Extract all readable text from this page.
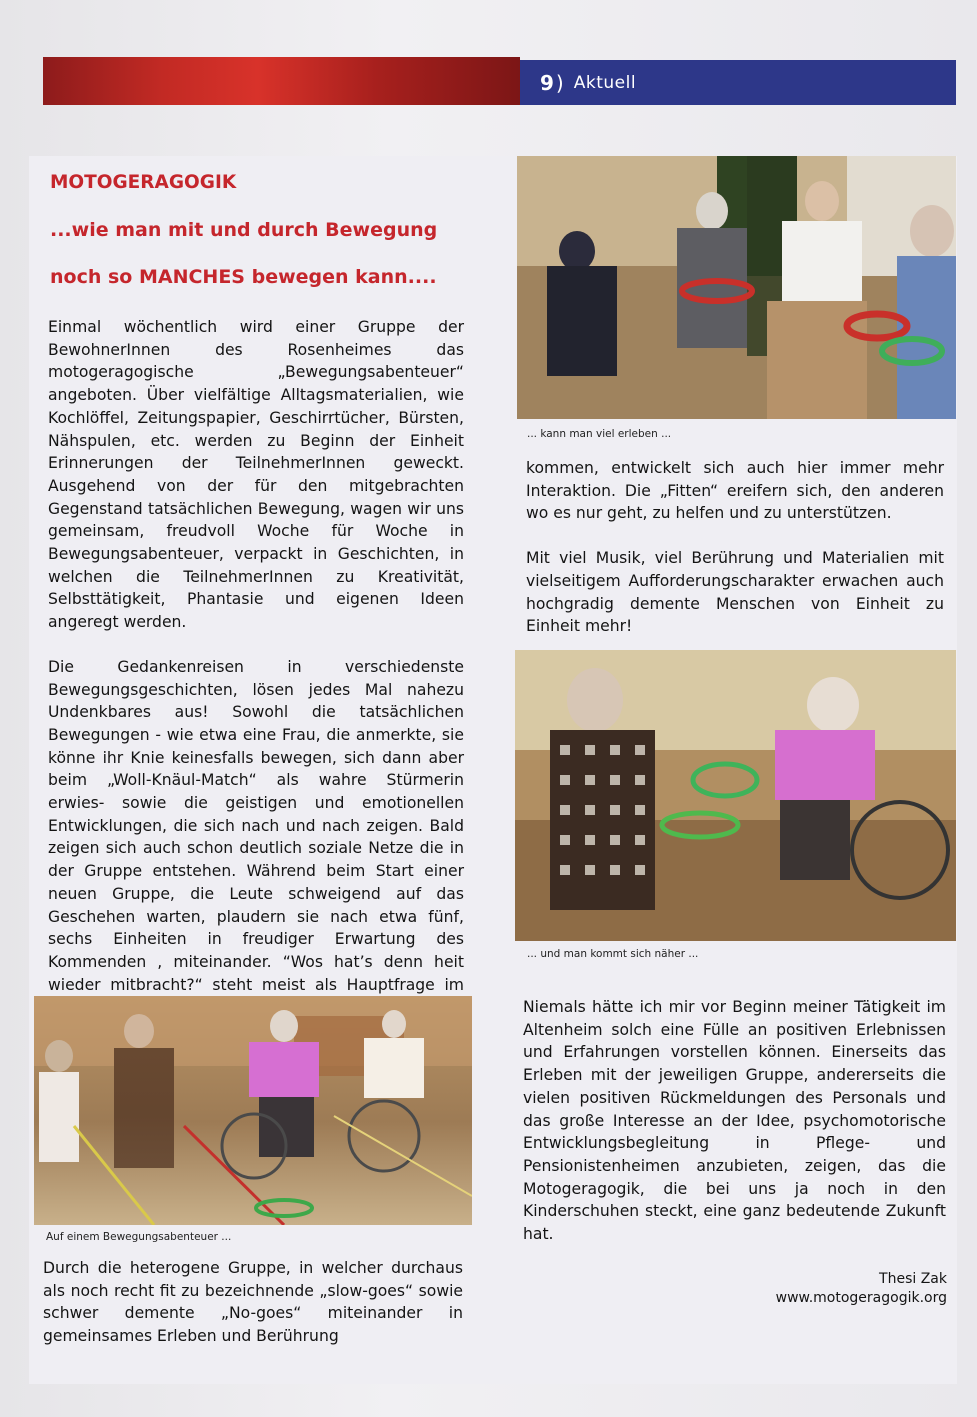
9 ) Aktuell
MOTOGERAGOGIK
...wie man mit und durch Bewegung
noch so MANCHES bewegen kann....

Einmal wöchentlich wird einer Gruppe der BewohnerInnen des Rosenheimes das motogeragogische „Bewegungsabenteuer“ angeboten. Über vielfältige Alltagsmaterialien, wie Kochlöffel, Zeitungspapier, Geschirrtücher, Bürsten, Nähspulen, etc. werden zu Beginn der Einheit Erinnerungen der TeilnehmerInnen geweckt. Ausgehend von der für den mitgebrachten Gegenstand tatsächlichen Bewegung, wagen wir uns gemeinsam, freudvoll Woche für Woche in Bewegungsabenteuer, verpackt in Geschichten, in welchen die TeilnehmerInnen zu Kreativität, Selbsttätigkeit, Phantasie und eigenen Ideen angeregt werden.

Die Gedankenreisen in verschiedenste Bewegungsgeschichten, lösen jedes Mal nahezu Undenkbares aus! Sowohl die tatsächlichen Bewegungen - wie etwa eine Frau, die anmerkte, sie könne ihr Knie keinesfalls bewegen, sich dann aber beim „Woll-Knäul-Match“ als wahre Stürmerin erwies- sowie die geistigen und emotionellen Entwicklungen, die sich nach und nach zeigen. Bald zeigen sich auch schon deutlich soziale Netze die in der Gruppe entstehen. Während beim Start einer neuen Gruppe, die Leute schweigend auf das Geschehen warten, plaudern sie nach etwa fünf, sechs Einheiten in freudiger Erwartung des Kommenden , miteinander. “Wos hat’s denn heit wieder mitbracht?“ steht meist als Hauptfrage im

Auf einem Bewegungsabenteuer ...

Durch die heterogene Gruppe, in welcher durchaus als noch recht fit zu bezeichnende „slow-goes“ sowie schwer demente „No-goes“ miteinander in gemeinsames Erleben und Berührung

... kann man viel erleben ...

kommen, entwickelt sich auch hier immer mehr Interaktion. Die „Fitten“ ereifern sich, den anderen wo es nur geht, zu helfen und zu unterstützen.

Mit viel Musik, viel Berührung und Materialien mit vielseitigem Aufforderungscharakter erwachen auch hochgradig demente Menschen von Einheit zu Einheit mehr!

... und man kommt sich näher ...

Niemals hätte ich mir vor Beginn meiner Tätigkeit im Altenheim solch eine Fülle an positiven Erlebnissen und Erfahrungen vorstellen können. Einerseits das Erleben mit der jeweiligen Gruppe, andererseits die vielen positiven Rückmeldungen des Personals und das große Interesse an der Idee, psychomotorische Entwicklungsbegleitung in Pflege- und Pensionistenheimen anzubieten, zeigen, das die Motogeragogik, die bei uns ja noch in den Kinderschuhen steckt, eine ganz bedeutende Zukunft hat.

Thesi Zak
www.motogeragogik.org
